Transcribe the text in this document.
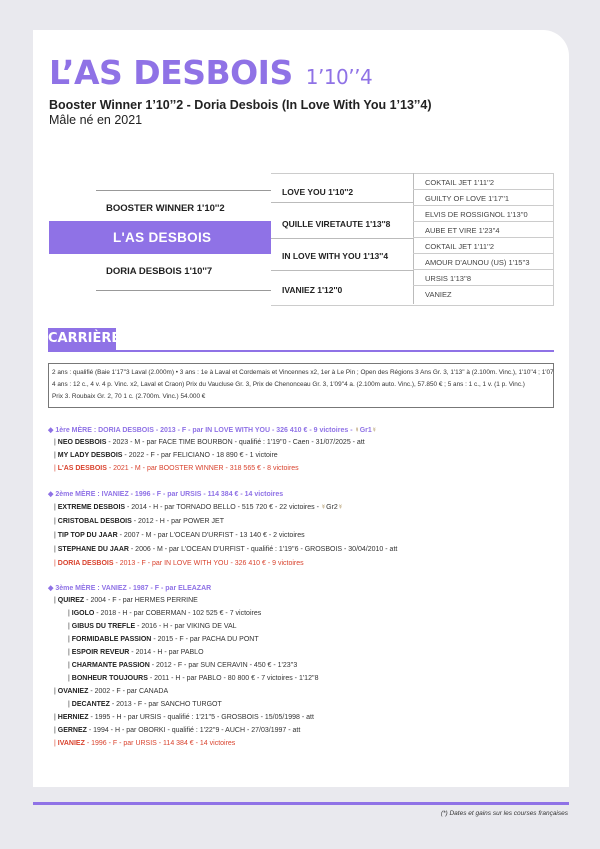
L’AS DESBOIS 1’10’’4
Booster Winner 1’10’’2 - Doria Desbois (In Love With You 1’13’’4)
Mâle né en 2021
BOOSTER WINNER 1'10''2
L'AS DESBOIS
DORIA DESBOIS 1'10''7
LOVE YOU 1'10''2
QUILLE VIRETAUTE 1'13''8
IN LOVE WITH YOU 1'13''4
IVANIEZ 1'12''0
COKTAIL JET 1'11''2
GUILTY OF LOVE 1'17''1
ELVIS DE ROSSIGNOL 1'13''0
AUBE ET VIRE 1'23''4
COKTAIL JET 1'11''2
AMOUR D'AUNOU (US) 1'15''3
URSIS 1'13''8
VANIEZ
CARRIÈRE

2 ans : qualifié (Baie 1'17''3 Laval (2.000m) • 3 ans : 1e à Laval et Cordemais et Vincennes x2, 1er à Le Pin ; Open des Régions 3 Ans Gr. 3, 1'13'' à (2.100m. Vinc.), 1'10''4 ; 1'07

4 ans : 12 c., 4 v. 4 p. Vinc. x2, Laval et Craon) Prix du Vaucluse Gr. 3, Prix de Chenonceau Gr. 3, 1'09''4 a. (2.100m auto. Vinc.), 57.850 € ; 5 ans : 1 c., 1 v. (1 p. Vinc.)

Prix 3. Roubaix Gr. 2, 70 1 c. (2.700m. Vinc.) 54.000 €

◆ 1ère MÈRE : DORIA DESBOIS - 2013 - F - par IN LOVE WITH YOU - 326 410 € - 9 victoires - ☿Gr1☿
| NEO DESBOIS - 2023 - M - par FACE TIME BOURBON - qualifié : 1'19''0 - Caen - 31/07/2025 - att
| MY LADY DESBOIS - 2022 - F - par FELICIANO - 18 890 € - 1 victoire
| L'AS DESBOIS - 2021 - M - par BOOSTER WINNER - 318 565 € - 8 victoires
◆ 2ème MÈRE : IVANIEZ - 1996 - F - par URSIS - 114 384 € - 14 victoires
| EXTREME DESBOIS - 2014 - H - par TORNADO BELLO - 515 720 € - 22 victoires - ☿Gr2☿
| CRISTOBAL DESBOIS - 2012 - H - par POWER JET
| TIP TOP DU JAAR - 2007 - M - par L'OCEAN D'URFIST - 13 140 € - 2 victoires
| STEPHANE DU JAAR - 2006 - M - par L'OCEAN D'URFIST - qualifié : 1'19''6 - GROSBOIS - 30/04/2010 - att
| DORIA DESBOIS - 2013 - F - par IN LOVE WITH YOU - 326 410 € - 9 victoires
◆ 3ème MÈRE : VANIEZ - 1987 - F - par ELEAZAR
| QUIREZ - 2004 - F - par HERMES PERRINE
| IGOLO - 2018 - H - par COBERMAN - 102 525 € - 7 victoires
| GIBUS DU TREFLE - 2016 - H - par VIKING DE VAL
| FORMIDABLE PASSION - 2015 - F - par PACHA DU PONT
| ESPOIR REVEUR - 2014 - H - par PABLO
| CHARMANTE PASSION - 2012 - F - par SUN CERAVIN - 450 € - 1'23''3
| BONHEUR TOUJOURS - 2011 - H - par PABLO - 80 800 € - 7 victoires - 1'12''8
| OVANIEZ - 2002 - F - par CANADA
| DECANTEZ - 2013 - F - par SANCHO TURGOT
| HERNIEZ - 1995 - H - par URSIS - qualifié : 1'21''5 - GROSBOIS - 15/05/1998 - att
| GERNEZ - 1994 - H - par OBORKI - qualifié : 1'22''9 - AUCH - 27/03/1997 - att
| IVANIEZ - 1996 - F - par URSIS - 114 384 € - 14 victoires
(*) Dates et gains sur les courses françaises
